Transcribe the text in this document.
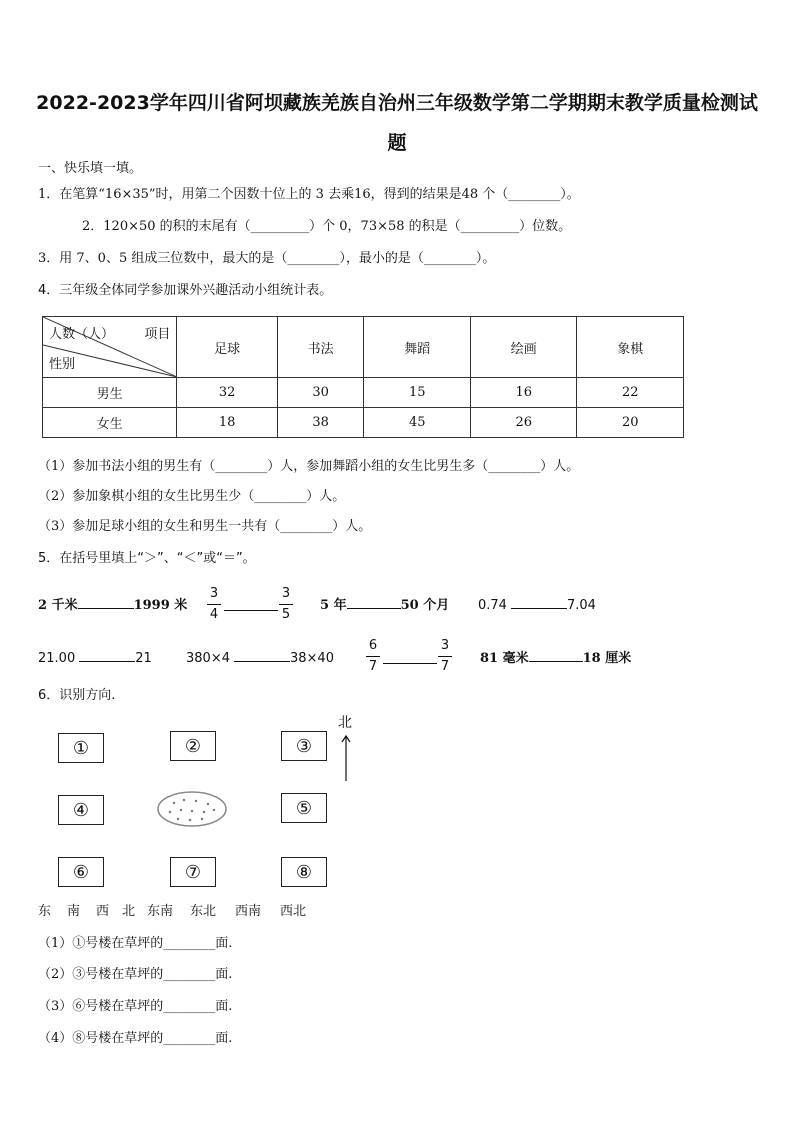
2022-2023学年四川省阿坝藏族羌族自治州三年级数学第二学期期末教学质量检测试
题
一、快乐填一填。
1．在笔算“16×35”时，用第二个因数十位上的 3 去乘16，得到的结果是48 个（________）。
2．120×50 的积的末尾有（_________）个 0，73×58 的积是（_________）位数。
3．用 7、0、5 组成三位数中，最大的是（________），最小的是（________）。
4．三年级全体同学参加课外兴趣活动小组统计表。
人数（人） 项目
性别	足球	书法	舞蹈	绘画	象棋
男生	32	30	15	16	22
女生	18	38	45	26	20
（1）参加书法小组的男生有（________）人，参加舞蹈小组的女生比男生多（________）人。
（2）参加象棋小组的女生比男生少（________）人。
（3）参加足球小组的女生和男生一共有（________）人。
5．在括号里填上“＞”、“＜”或“＝”。
2 千米	1999 米
3
4
3
5
5 年	50 个月 0.74	7.04
21.00	21	380×4	38×40
6
7
3
7
81 毫米	18 厘米
6．识别方向.
①	②	③
④	⑤
⑥	⑦	⑧
北
东 南 西 北 东南 东北 西南 西北
（1）①号楼在草坪的________面.
（2）③号楼在草坪的________面.
（3）⑥号楼在草坪的________面.
（4）⑧号楼在草坪的________面.
